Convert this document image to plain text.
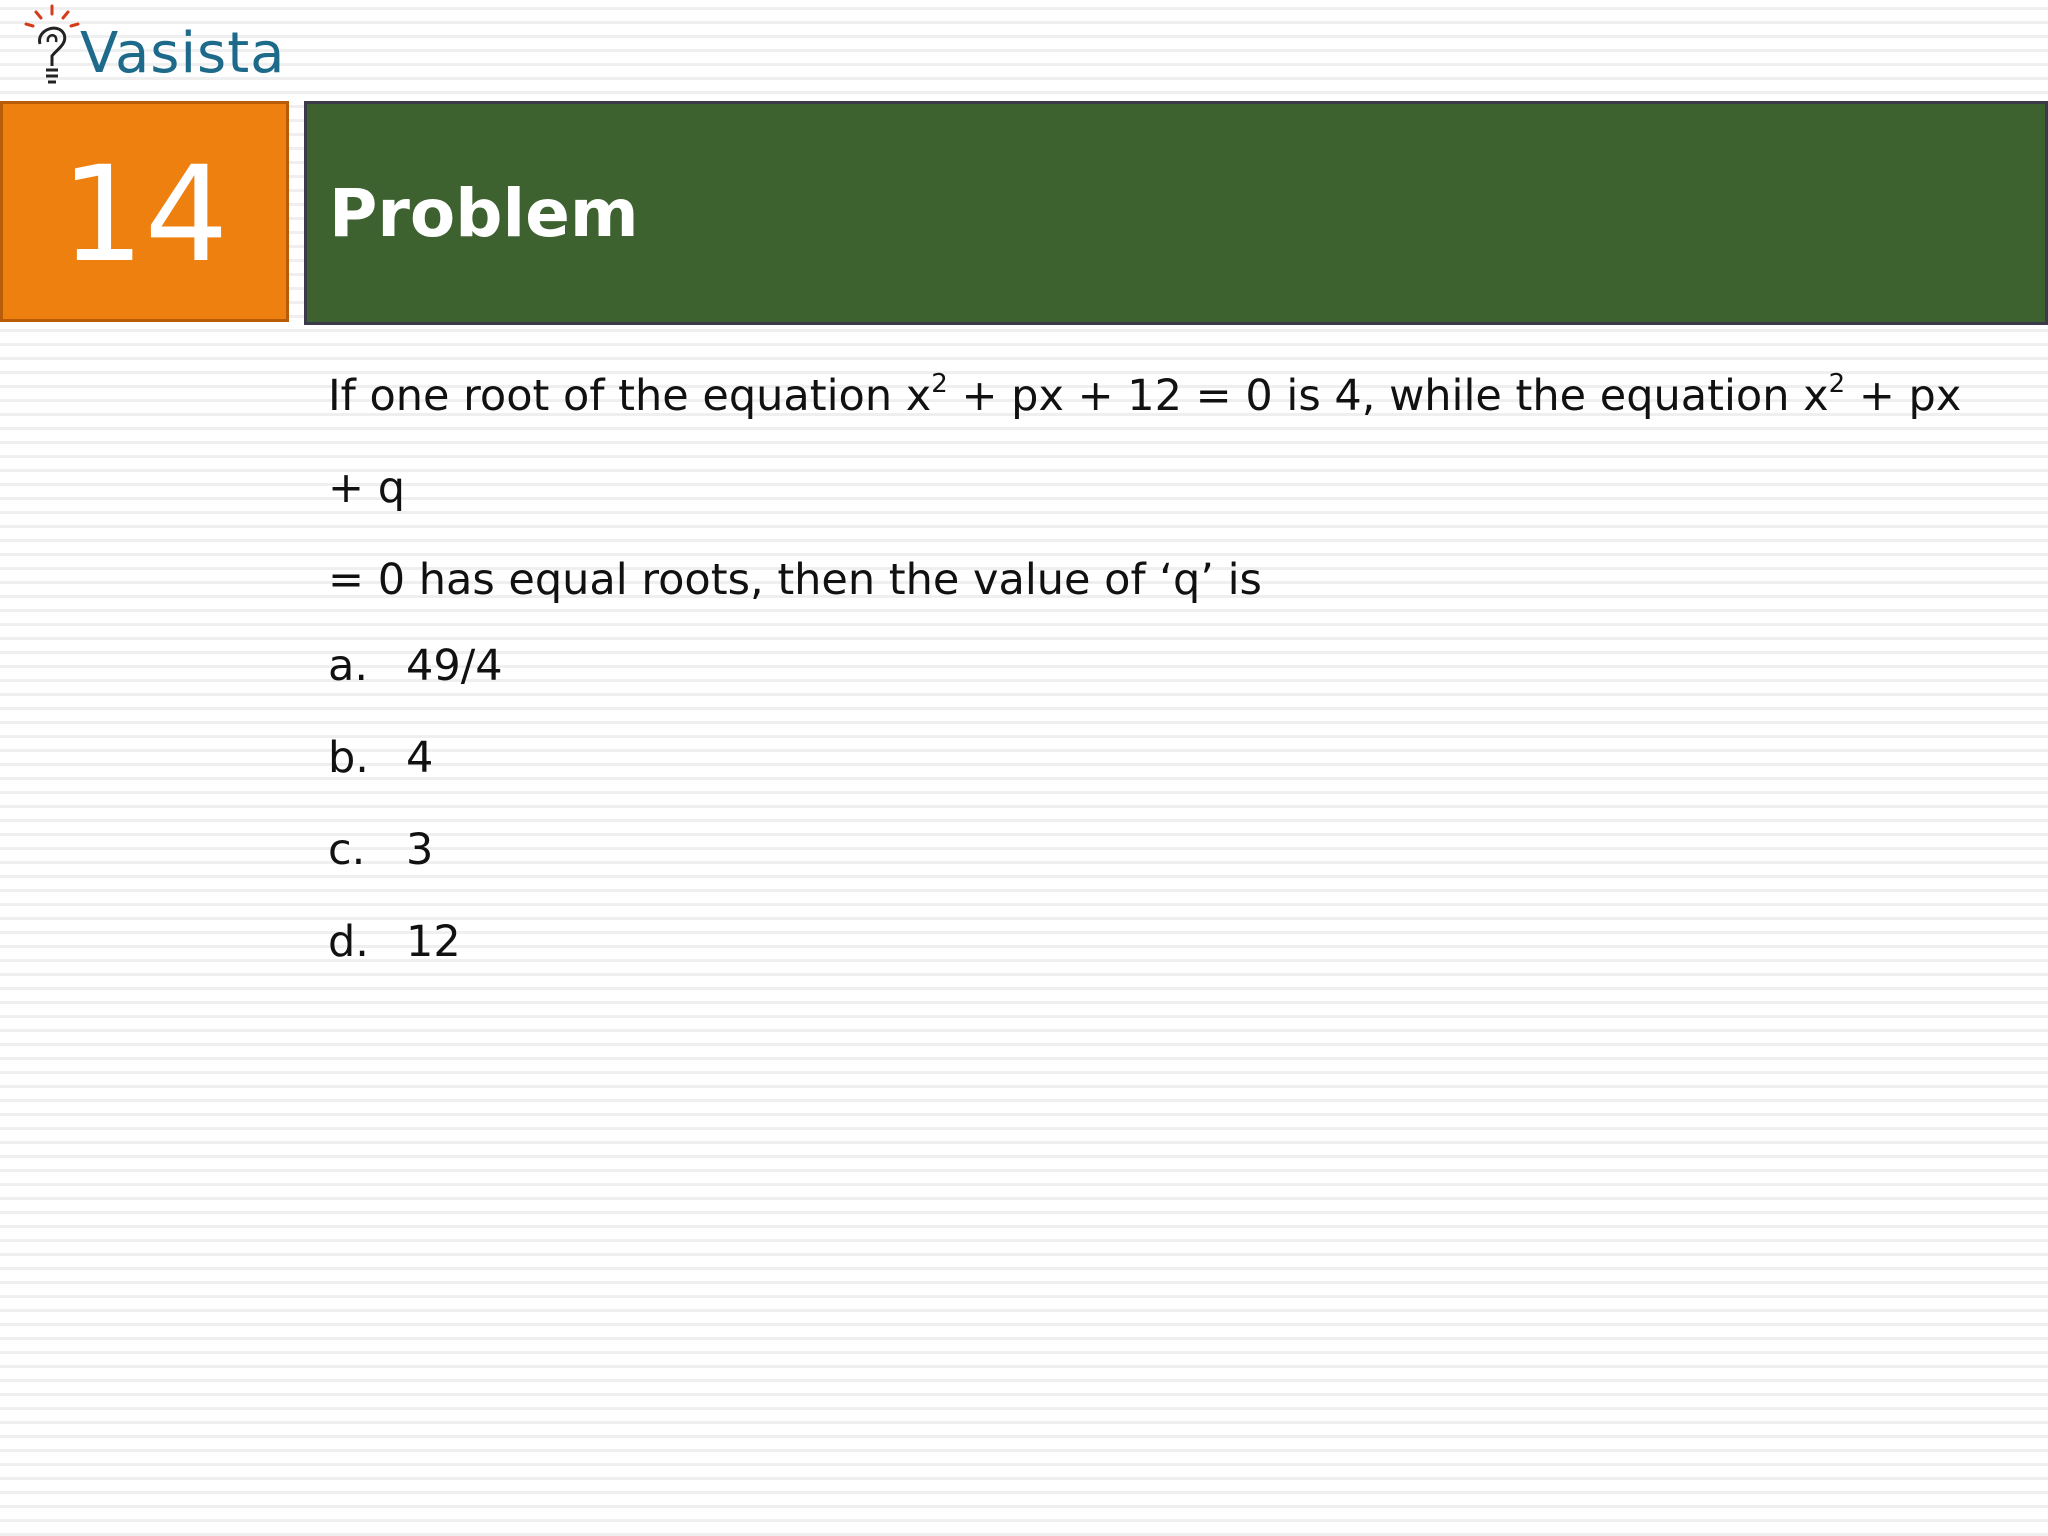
Vasista
14 Problem
If one root of the equation $x^2$ + px + 12 = 0 is 4, while the equation $x^2$ + px + q
= 0 has equal roots, then the value of ‘q’ is
a. 49/4
b. 4
c. 3
d. 12
